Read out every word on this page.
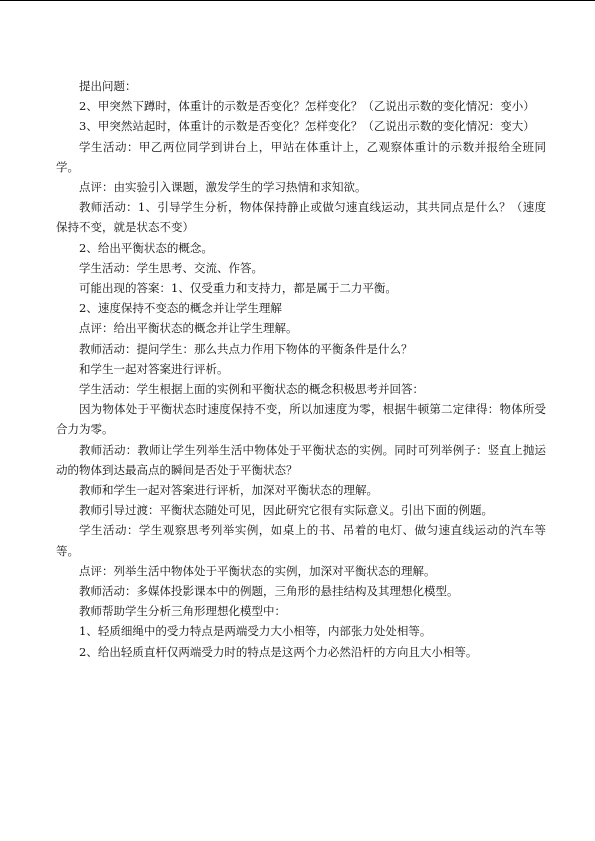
提出问题：

2、甲突然下蹲时，体重计的示数是否变化？怎样变化？（乙说出示数的变化情况：变小）

3、甲突然站起时，体重计的示数是否变化？怎样变化？（乙说出示数的变化情况：变大）

学生活动：甲乙两位同学到讲台上，甲站在体重计上，乙观察体重计的示数并报给全班同学。

点评：由实验引入课题，激发学生的学习热情和求知欲。

教师活动：1、引导学生分析，物体保持静止或做匀速直线运动，其共同点是什么？（速度保持不变，就是状态不变）

2、给出平衡状态的概念。

学生活动：学生思考、交流、作答。

可能出现的答案：1、仅受重力和支持力，都是属于二力平衡。

2、速度保持不变态的概念并让学生理解

点评：给出平衡状态的概念并让学生理解。

教师活动：提问学生：那么共点力作用下物体的平衡条件是什么？

和学生一起对答案进行评析。

学生活动：学生根据上面的实例和平衡状态的概念积极思考并回答：

因为物体处于平衡状态时速度保持不变，所以加速度为零，根据牛顿第二定律得：物体所受合力为零。

教师活动：教师让学生列举生活中物体处于平衡状态的实例。同时可列举例子：竖直上抛运动的物体到达最高点的瞬间是否处于平衡状态？

教师和学生一起对答案进行评析，加深对平衡状态的理解。

教师引导过渡：平衡状态随处可见，因此研究它很有实际意义。引出下面的例题。

学生活动：学生观察思考列举实例，如桌上的书、吊着的电灯、做匀速直线运动的汽车等等。

点评：列举生活中物体处于平衡状态的实例，加深对平衡状态的理解。

教师活动：多媒体投影课本中的例题，三角形的悬挂结构及其理想化模型。

教师帮助学生分析三角形理想化模型中：

1、轻质细绳中的受力特点是两端受力大小相等，内部张力处处相等。

2、给出轻质直杆仅两端受力时的特点是这两个力必然沿杆的方向且大小相等。
